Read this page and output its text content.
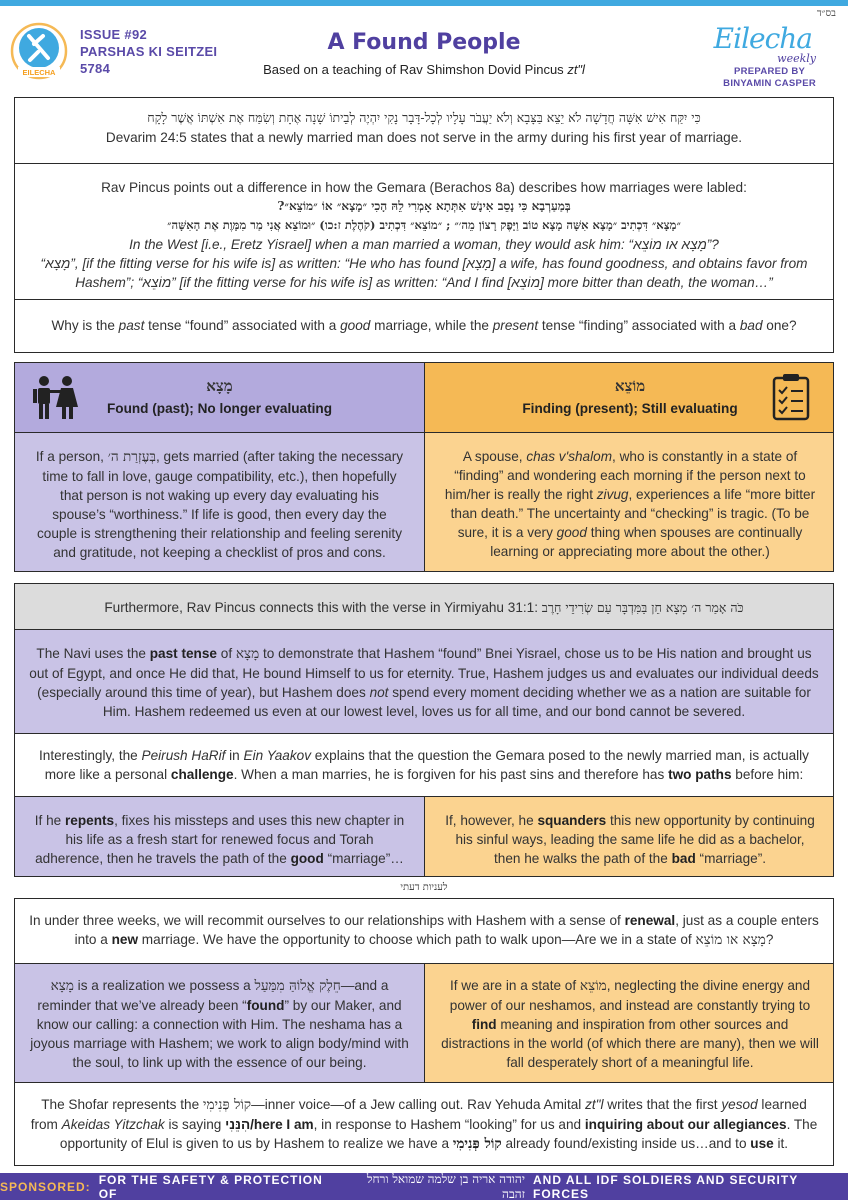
בס״ד
EILECHA
ISSUE #92
PARSHAS KI SEITZEI
5784
A Found People
Based on a teaching of Rav Shimshon Dovid Pincus zt"l
Eilecha
weekly
PREPARED BY
BINYAMIN CASPER
כִּי יִקַּח אִישׁ אִשָּׁה חֲדָשָׁה לֹא יֵצֵא בַּצָּבָא וְלֹא יַעֲבֹר עָלָיו לְכָל-דָּבָר נָקִי יִהְיֶה לְבֵיתוֹ שָׁנָה אֶחָת וְשִׂמַּח אֶת אִשְׁתּוֹ אֲשֶׁר לָקָח
Devarim 24:5 states that a newly married man does not serve in the army during his first year of marriage.
Rav Pincus points out a difference in how the Gemara (Berachos 8a) describes how marriages were labled:
בְּמַעַרְבָא כִּי נָסֵב אִינָשׁ אִתְּתָא אָמְרִי לֵהּ הָכִי ״מָצָא״ אוֹ ״מוֹצֵא״?
״מָצָא״ דִּכְתִיב ״מָצָא אִשָּׁה מָצָא טוֹב וַיָּפֶק רָצוֹן מֵה׳״ ; ״מוֹצֵא״ דִּכְתִיב (קֹהֶלֶת ז:כו) ״וּמוֹצֵא אֲנִי מַר מִמָּוֶת אֶת הָאִשָּׁה״
In the West [i.e., Eretz Yisrael] when a man married a woman, they would ask him: “מָצָא או מוֹצֵא”?
“מָצָא”, [if the fitting verse for his wife is] as written: “He who has found [מָצָא] a wife, has found goodness, and obtains favor from Hashem”; “מוֹצֵא” [if the fitting verse for his wife is] as written: “And I find [מוֹצֵא] more bitter than death, the woman…”
Why is the past tense “found” associated with a good marriage, while the present tense “finding” associated with a bad one?
מָצָא
Found (past); No longer evaluating
מוֹצֵא
Finding (present); Still evaluating
If a person, בְּעֶזְרַת ה׳, gets married (after taking the necessary time to fall in love, gauge compatibility, etc.), then hopefully that person is not waking up every day evaluating his spouse’s “worthiness.” If life is good, then every day the couple is strengthening their relationship and feeling serenity and gratitude, not keeping a checklist of pros and cons.
A spouse, chas v'shalom, who is constantly in a state of “finding” and wondering each morning if the person next to him/her is really the right zivug, experiences a life “more bitter than death.” The uncertainty and “checking” is tragic. (To be sure, it is a very good thing when spouses are continually learning or appreciating more about the other.)
Furthermore, Rav Pincus connects this with the verse in Yirmiyahu 31:1: כֹּה אָמַר ה׳ מָצָא חֵן בַּמִּדְבָּר עַם שְׂרִידֵי חָרֶב
The Navi uses the past tense of מָצָא to demonstrate that Hashem “found” Bnei Yisrael, chose us to be His nation and brought us out of Egypt, and once He did that, He bound Himself to us for eternity. True, Hashem judges us and evaluates our individual deeds (especially around this time of year), but Hashem does not spend every moment deciding whether we as a nation are suitable for Him. Hashem redeemed us even at our lowest level, loves us for all time, and our bond cannot be severed.
Interestingly, the Peirush HaRif in Ein Yaakov explains that the question the Gemara posed to the newly married man, is actually more like a personal challenge. When a man marries, he is forgiven for his past sins and therefore has two paths before him:
If he repents, fixes his missteps and uses this new chapter in his life as a fresh start for renewed focus and Torah adherence, then he travels the path of the good “marriage”…
If, however, he squanders this new opportunity by continuing his sinful ways, leading the same life he did as a bachelor, then he walks the path of the bad “marriage”.
לעניות דעתי
In under three weeks, we will recommit ourselves to our relationships with Hashem with a sense of renewal, just as a couple enters into a new marriage. We have the opportunity to choose which path to walk upon—Are we in a state of מָצָא או מוֹצֵא?
מָצָא is a realization we possess a חֵלֶק אֱלוֹהַּ מִמַּעַל—and a reminder that we’ve already been “found” by our Maker, and know our calling: a connection with Him. The neshama has a joyous marriage with Hashem; we work to align body/mind with the soul, to link up with the essence of our being.
If we are in a state of מוֹצֵא, neglecting the divine energy and power of our neshamos, and instead are constantly trying to find meaning and inspiration from other sources and distractions in the world (of which there are many), then we will fall desperately short of a meaningful life.
The Shofar represents the קוֹל פְּנִימִי—inner voice—of a Jew calling out. Rav Yehuda Amital zt"l writes that the first yesod learned from Akeidas Yitzchak is saying הִנֵּנִי/here I am, in response to Hashem “looking” for us and inquiring about our allegiances. The opportunity of Elul is given to us by Hashem to realize we have a קוֹל פְּנִימִי already found/existing inside us…and to use it.
SPONSORED: FOR THE SAFETY & PROTECTION OF
יהודה אריה בן שלמה שמואל ורחל זהבה
AND ALL IDF SOLDIERS AND SECURITY FORCES
